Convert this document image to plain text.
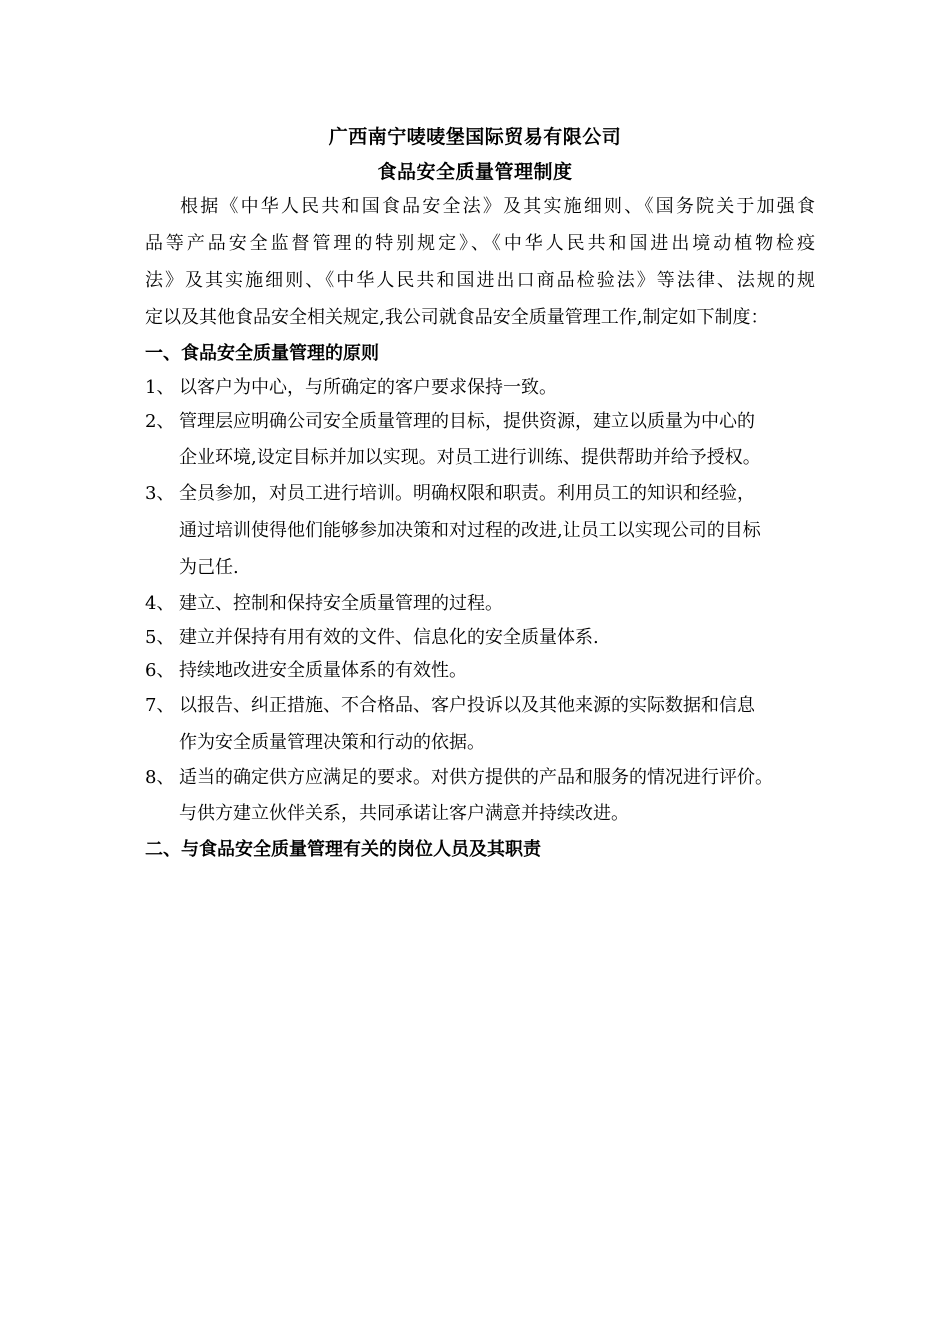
广西南宁唛唛堡国际贸易有限公司
食品安全质量管理制度
根据《中华人民共和国食品安全法》及其实施细则、《国务院关于加强食
品等产品安全监督管理的特别规定》、《中华人民共和国进出境动植物检疫
法》及其实施细则、《中华人民共和国进出口商品检验法》等法律、法规的规
定以及其他食品安全相关规定,我公司就食品安全质量管理工作,制定如下制度：
一、食品安全质量管理的原则
1、 以客户为中心，与所确定的客户要求保持一致。
2、 管理层应明确公司安全质量管理的目标，提供资源，建立以质量为中心的
企业环境,设定目标并加以实现。对员工进行训练、提供帮助并给予授权。
3、 全员参加，对员工进行培训。明确权限和职责。利用员工的知识和经验，
通过培训使得他们能够参加决策和对过程的改进,让员工以实现公司的目标
为己任.
4、 建立、控制和保持安全质量管理的过程。
5、 建立并保持有用有效的文件、信息化的安全质量体系.
6、 持续地改进安全质量体系的有效性。
7、 以报告、纠正措施、不合格品、客户投诉以及其他来源的实际数据和信息
作为安全质量管理决策和行动的依据。
8、 适当的确定供方应满足的要求。对供方提供的产品和服务的情况进行评价。
与供方建立伙伴关系，共同承诺让客户满意并持续改进。
二、与食品安全质量管理有关的岗位人员及其职责
